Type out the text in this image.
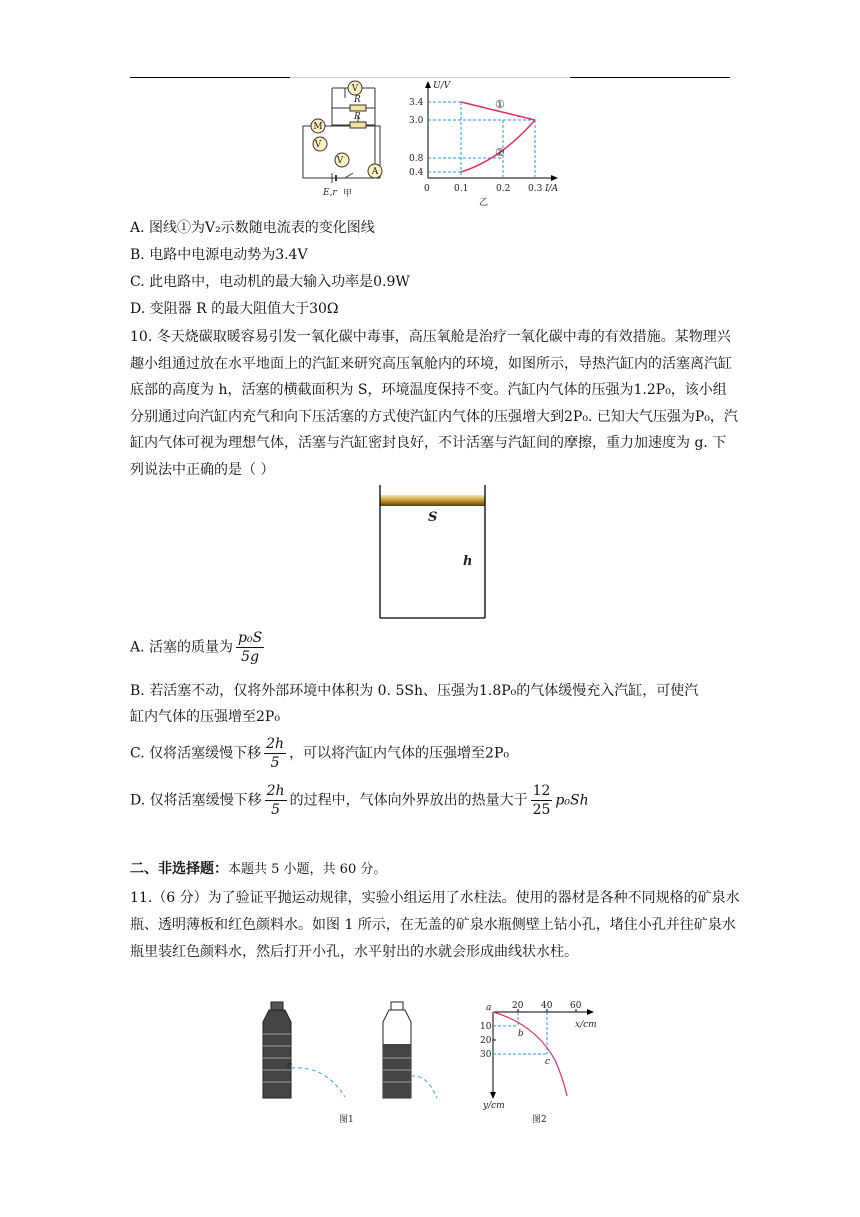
V
M
V
V
A
R
R
E,r 甲
U/V
I/A
3.4
3.0
0.8
0.4
0	0.1	0.2 0.3
①
②
乙
A. 图线①为V₂示数随电流表的变化图线
B. 电路中电源电动势为3.4V
C. 此电路中，电动机的最大输入功率是0.9W
D. 变阻器 R 的最大阻值大于30Ω

10. 冬天烧碳取暖容易引发一氧化碳中毒事，高压氧舱是治疗一氧化碳中毒的有效措施。某物理兴趣小组通过放在水平地面上的汽缸来研究高压氧舱内的环境，如图所示，导热汽缸内的活塞离汽缸底部的高度为 h，活塞的横截面积为 S，环境温度保持不变。汽缸内气体的压强为1.2P₀，该小组分别通过向汽缸内充气和向下压活塞的方式使汽缸内气体的压强增大到2P₀. 已知大气压强为P₀，汽缸内气体可视为理想气体，活塞与汽缸密封良好，不计活塞与汽缸间的摩擦，重力加速度为 g. 下列说法中正确的是（ ）

S
h
A. 活塞的质量为 $\frac{\text{p₀S}}{5g}$
B. 若活塞不动，仅将外部环境中体积为 0. 5Sh、压强为1.8P₀的气体缓慢充入汽缸，可使汽
缸内气体的压强增至2P₀
C. 仅将活塞缓慢下移 $\frac{2h}{5}$ ，可以将汽缸内气体的压强增至2P₀
D. 仅将活塞缓慢下移 $\frac{2h}{5}$ 的过程中，气体向外界放出的热量大于 $\frac{12}{25} p_0Sh$
二、非选择题：本题共 5 小题，共 60 分。

11.（6 分）为了验证平抛运动规律，实验小组运用了水柱法。使用的器材是各种不同规格的矿泉水瓶、透明薄板和红色颜料水。如图 1 所示，在无盖的矿泉水瓶侧壁上钻小孔，堵住小孔并往矿泉水瓶里装红色颜料水，然后打开小孔，水平射出的水就会形成曲线状水柱。

c
图1
20 40 60
10
20
30
x/cm
y/cm
a
b
c
图2
